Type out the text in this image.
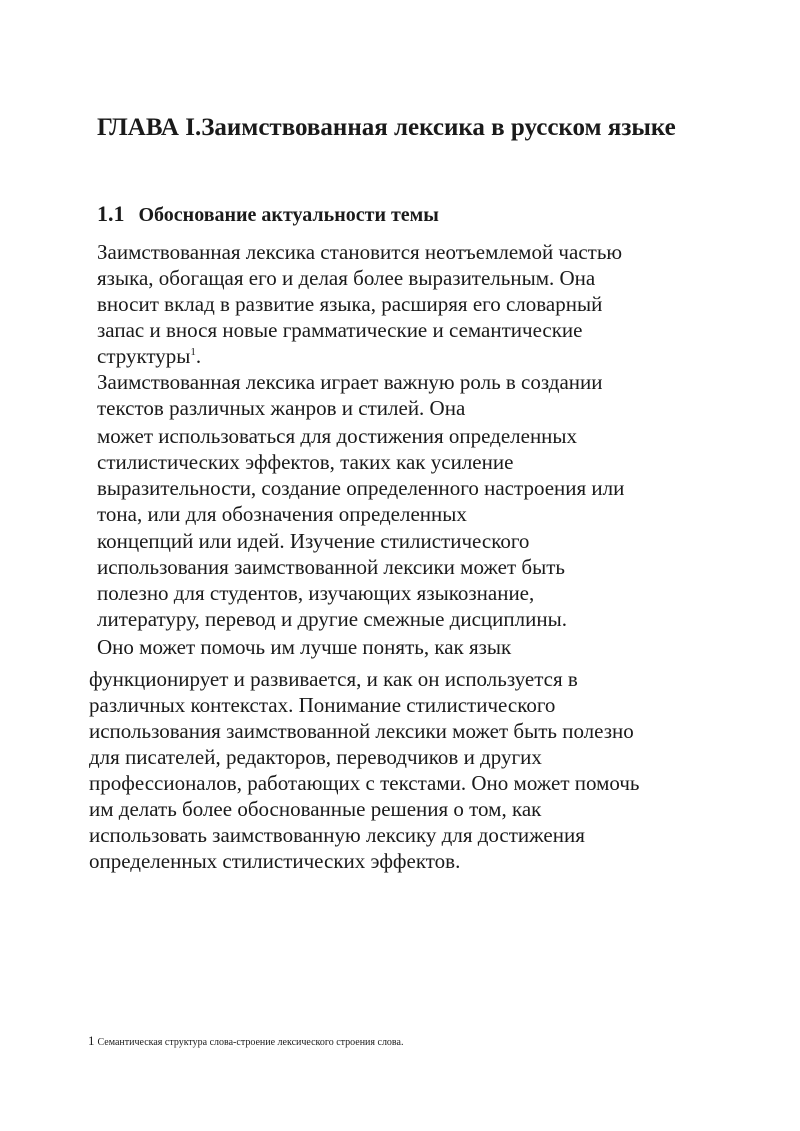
ГЛАВА I.Заимствованная лексика в русском языке
1.1 Обоснование актуальности темы

Заимствованная лексика становится неотъемлемой частью

языка, обогащая его и делая более выразительным. Она

вносит вклад в развитие языка, расширяя его словарный

запас и внося новые грамматические и семантические

структуры$^1$.

Заимствованная лексика играет важную роль в создании

текстов различных жанров и стилей. Она

может использоваться для достижения определенных

стилистических эффектов, таких как усиление

выразительности, создание определенного настроения или

тона, или для обозначения определенных

концепций или идей. Изучение стилистического

использования заимствованной лексики может быть

полезно для студентов, изучающих языкознание,

литературу, перевод и другие смежные дисциплины.

Оно может помочь им лучше понять, как язык

функционирует и развивается, и как он используется в

различных контекстах. Понимание стилистического

использования заимствованной лексики может быть полезно

для писателей, редакторов, переводчиков и других

профессионалов, работающих с текстами. Оно может помочь

им делать более обоснованные решения о том, как

использовать заимствованную лексику для достижения

определенных стилистических эффектов.

1 Семантическая структура слова-строение лексического строения слова.
